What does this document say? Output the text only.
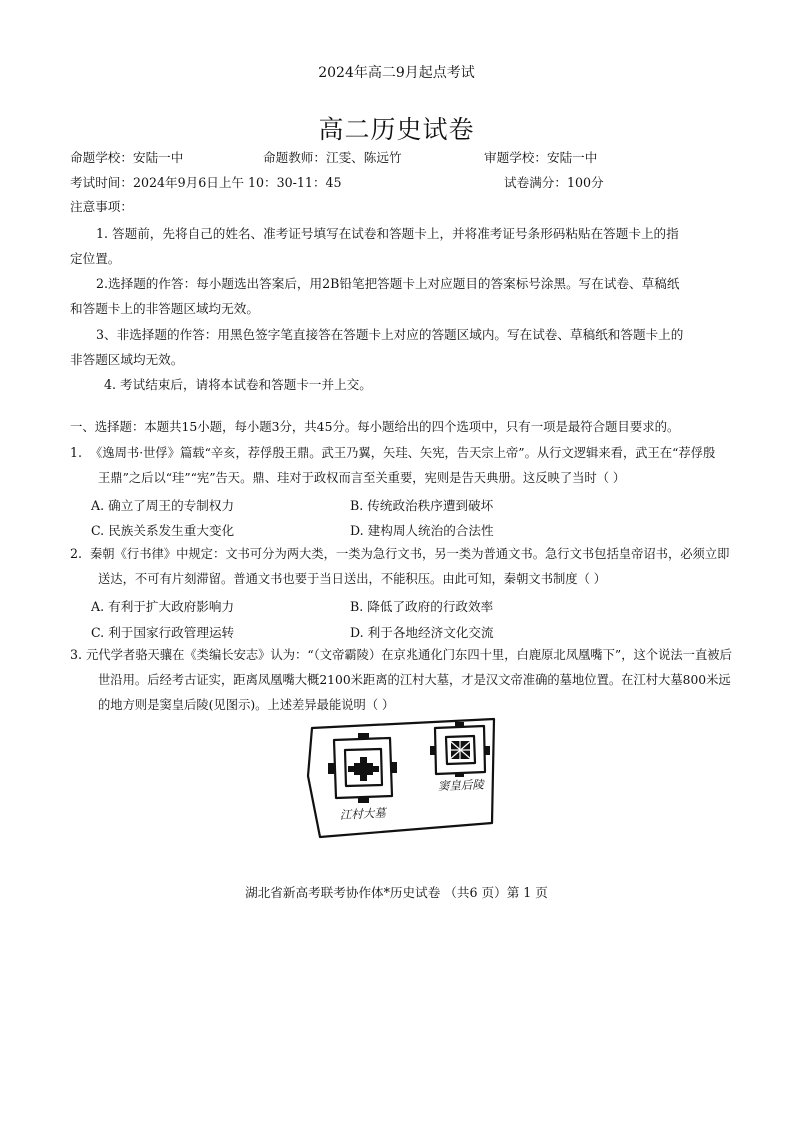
2024年高二9月起点考试
高二历史试卷
命题学校：安陆一中	命题教师：江雯、陈远竹	审题学校：安陆一中
考试时间：2024年9月6日上午 10：30-11：45	试卷满分：100分
注意事项：
1. 答题前，先将自己的姓名、准考证号填写在试卷和答题卡上，并将准考证号条形码粘贴在答题卡上的指
定位置。
2.选择题的作答：每小题选出答案后，用2B铅笔把答题卡上对应题目的答案标号涂黑。写在试卷、草稿纸
和答题卡上的非答题区域均无效。
3、非选择题的作答：用黑色签字笔直接答在答题卡上对应的答题区域内。写在试卷、草稿纸和答题卡上的
非答题区域均无效。
4. 考试结束后，请将本试卷和答题卡一并上交。
一、选择题：本题共15小题，每小题3分，共45分。每小题给出的四个选项中，只有一项是最符合题目要求的。
1. 《逸周书·世俘》篇载“辛亥，荐俘殷王鼎。武王乃翼，矢珪、矢宪，告天宗上帝”。从行文逻辑来看，武王在“荐俘殷
王鼎”之后以“珪”“宪”告天。鼎、珪对于政权而言至关重要，宪则是告天典册。这反映了当时（ ）
A. 确立了周王的专制权力	B. 传统政治秩序遭到破坏
C. 民族关系发生重大变化	D. 建构周人统治的合法性
2. 秦朝《行书律》中规定：文书可分为两大类，一类为急行文书，另一类为普通文书。急行文书包括皇帝诏书，必须立即
送达，不可有片刻滞留。普通文书也要于当日送出，不能积压。由此可知，秦朝文书制度（ ）
A. 有利于扩大政府影响力	B. 降低了政府的行政效率
C. 利于国家行政管理运转	D. 利于各地经济文化交流
3. 元代学者骆天骧在《类编长安志》认为：“（文帝霸陵）在京兆通化门东四十里，白鹿原北凤凰嘴下”，这个说法一直被后
世沿用。后经考古证实，距离凤凰嘴大概2100米距离的江村大墓，才是汉文帝准确的墓地位置。在江村大墓800米远
的地方则是窦皇后陵(见图示)。上述差异最能说明（ ）
江村大墓
窦皇后陵
湖北省新高考联考协作体*历史试卷 （共6 页）第 1 页
